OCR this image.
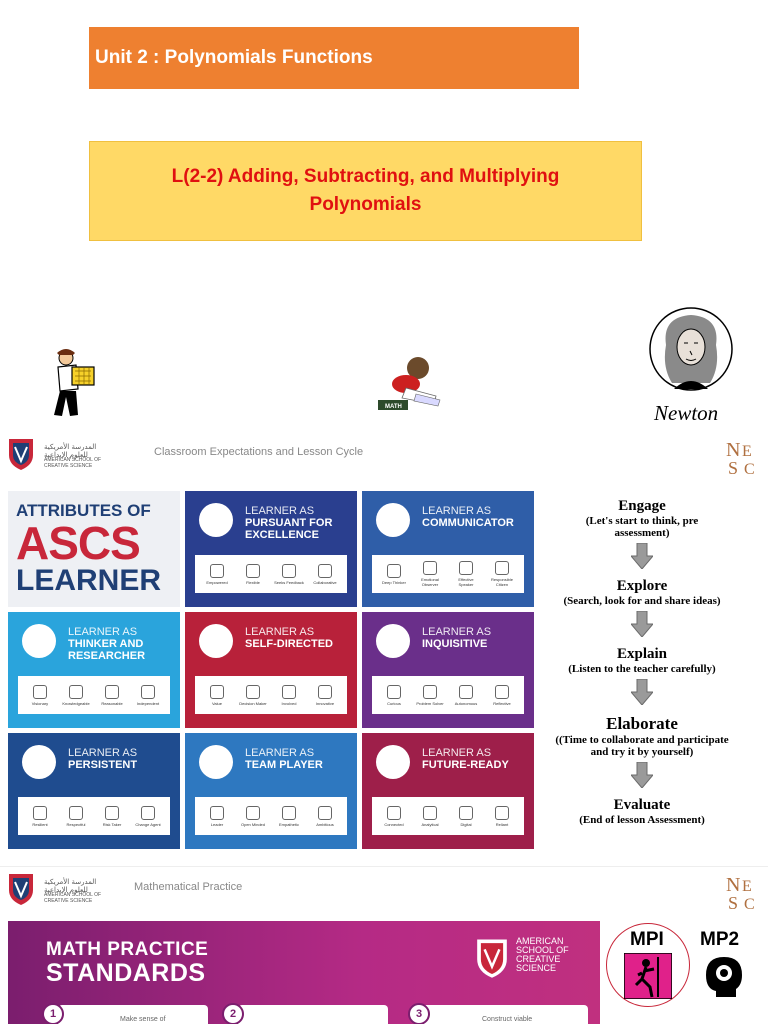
Unit 2 : Polynomials Functions
L(2-2) Adding, Subtracting, and Multiplying Polynomials
MATH	Newton
المدرسة الأمريكية للعلوم الإبداعية
AMERICAN SCHOOL OF CREATIVE SCIENCE
Classroom Expectations and Lesson Cycle	N E
S C
ATTRIBUTES OF
ASCS
LEARNER
LEARNER AS
PURSUANT FOR EXCELLENCE
Empowered	Flexible	Seeks Feedback	Collaborative
LEARNER AS
COMMUNICATOR
Deep Thinker	Emotional Observer
Effective Speaker
Responsible Citizen
LEARNER AS
THINKER AND RESEARCHER
Visionary	Knowledgeable	Reasonable	Independent
LEARNER AS
SELF-DIRECTED
Value	Decision Maker	Involved	Innovative
LEARNER AS
INQUISITIVE
Curious	Problem Solver	Autonomous	Reflective
LEARNER AS
PERSISTENT
Resilient	Respectful	Risk Taker	Change Agent
LEARNER AS
TEAM PLAYER
Leader	Open Minded	Empathetic	Ambitious
LEARNER AS
FUTURE-READY
Connected	Analytical	Digital	Reliant
Engage
(Let's start to think, pre assessment)
Explore
(Search, look for and share ideas)
Explain
(Listen to the teacher carefully)
Elaborate
((Time to collaborate and participate and try it by yourself)
Evaluate
(End of lesson Assessment)
المدرسة الأمريكية للعلوم الإبداعية
AMERICAN SCHOOL OF CREATIVE SCIENCE
Mathematical Practice	N E
S C
MATH PRACTICE
STANDARDS
AMERICAN
SCHOOL OF
CREATIVE
SCIENCE
1	Make sense of	2	3	Construct viable
MPI MP2
